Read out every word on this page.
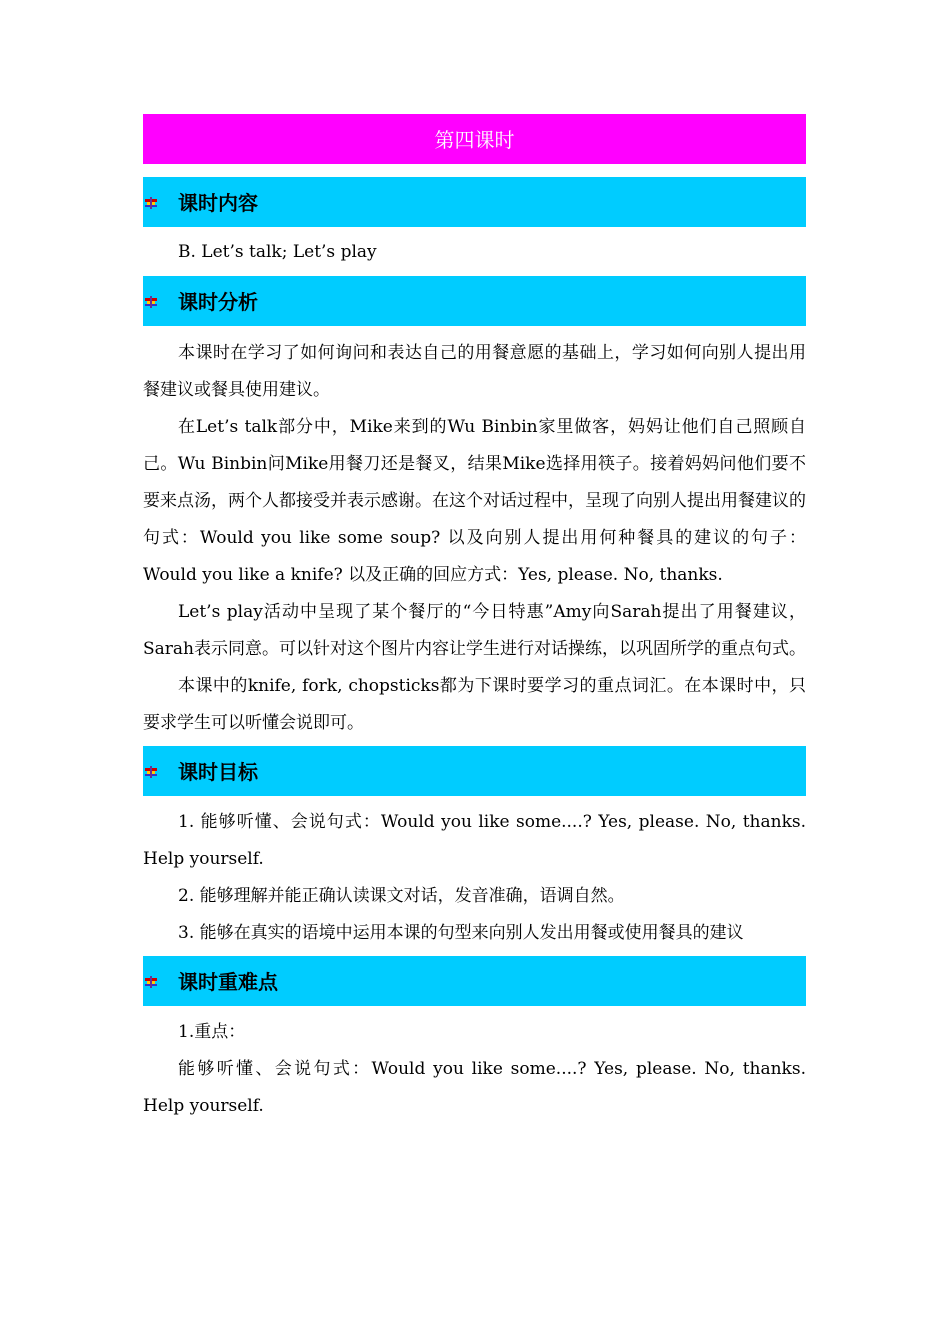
第四课时
课时内容

B. Let’s talk; Let’s play

课时分析

本课时在学习了如何询问和表达自己的用餐意愿的基础上，学习如何向别人提出用餐建议或餐具使用建议。

在Let’s talk部分中，Mike来到的Wu Binbin家里做客，妈妈让他们自己照顾自己。Wu Binbin问Mike用餐刀还是餐叉，结果Mike选择用筷子。接着妈妈问他们要不要来点汤，两个人都接受并表示感谢。在这个对话过程中，呈现了向别人提出用餐建议的句式：Would you like some soup? 以及向别人提出用何种餐具的建议的句子：Would you like a knife? 以及正确的回应方式：Yes, please. No, thanks.

Let’s play活动中呈现了某个餐厅的“今日特惠”Amy向Sarah提出了用餐建议，Sarah表示同意。可以针对这个图片内容让学生进行对话操练，以巩固所学的重点句式。

本课中的knife, fork, chopsticks都为下课时要学习的重点词汇。在本课时中，只要求学生可以听懂会说即可。

课时目标

1. 能够听懂、会说句式：Would you like some....? Yes, please. No, thanks. Help yourself.

2. 能够理解并能正确认读课文对话，发音准确，语调自然。

3. 能够在真实的语境中运用本课的句型来向别人发出用餐或使用餐具的建议

课时重难点

1.重点：

能够听懂、会说句式：Would you like some....? Yes, please. No, thanks. Help yourself.
